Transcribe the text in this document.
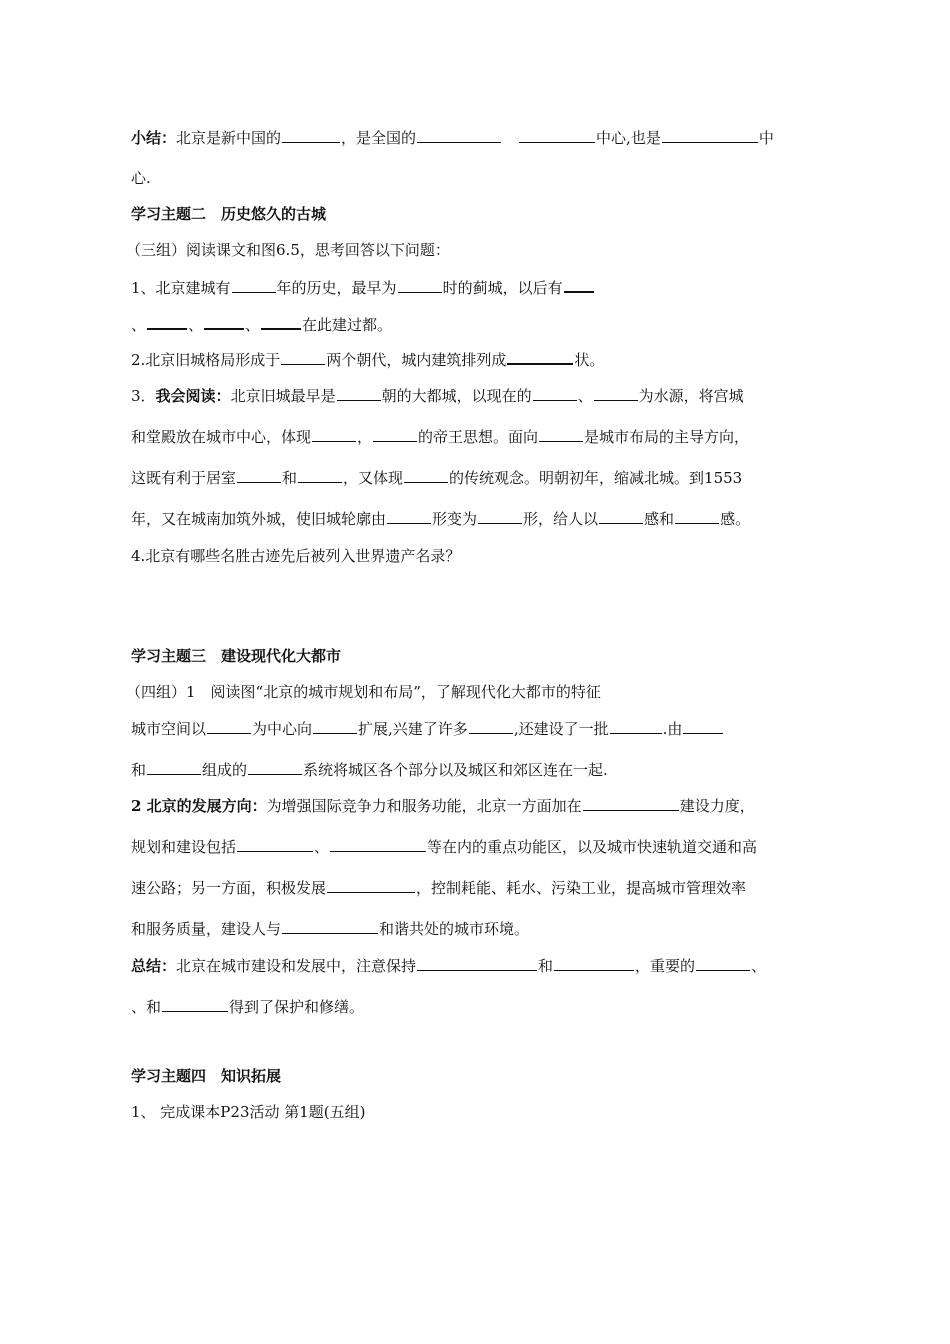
小结：北京是新中国的	，是全国的	中心,也是	中
心.
学习主题二　历史悠久的古城
（三组）阅读课文和图6.5，思考回答以下问题：
1、北京建城有	年的历史，最早为	时的蓟城，以后有
、	、	、	在此建过都。
2.北京旧城格局形成于	两个朝代，城内建筑排列成	状。
3．我会阅读：北京旧城最早是	朝的大都城，以现在的	、	为水源，将宫城
和堂殿放在城市中心，体现	，	的帝王思想。面向	是城市布局的主导方向，
这既有利于居室	和	，又体现	的传统观念。明朝初年，缩减北城。到1553
年，又在城南加筑外城，使旧城轮廓由	形变为	形，给人以	感和	感。
4.北京有哪些名胜古迹先后被列入世界遗产名录？
学习主题三　建设现代化大都市
（四组）1　阅读图“北京的城市规划和布局”，了解现代化大都市的特征
城市空间以	为中心向	扩展,兴建了许多	,还建设了一批	.由
和	组成的	系统将城区各个部分以及城区和郊区连在一起.
2 北京的发展方向：为增强国际竞争力和服务功能，北京一方面加在	建设力度，
规划和建设包括	、	等在内的重点功能区，以及城市快速轨道交通和高
速公路；另一方面，积极发展	，控制耗能、耗水、污染工业，提高城市管理效率
和服务质量，建设人与	和谐共处的城市环境。
总结：北京在城市建设和发展中，注意保持	和	，重要的	、
、和	得到了保护和修缮。
学习主题四　知识拓展
1、 完成课本P23活动 第1题(五组)
